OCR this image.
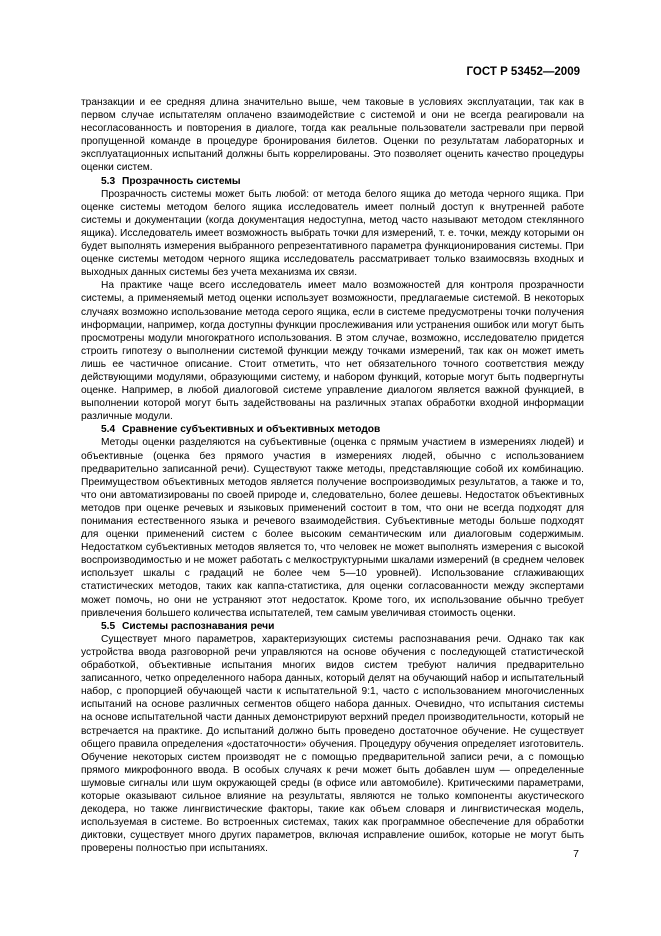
ГОСТ Р 53452—2009

транзакции и ее средняя длина значительно выше, чем таковые в условиях эксплуатации, так как в первом случае испытателям оплачено взаимодействие с системой и они не всегда реагировали на несогласованность и повторения в диалоге, тогда как реальные пользователи застревали при первой пропущенной команде в процедуре бронирования билетов. Оценки по результатам лабораторных и эксплуатационных испытаний должны быть коррелированы. Это позволяет оценить качество процедуры оценки систем.

5.3 Прозрачность системы

Прозрачность системы может быть любой: от метода белого ящика до метода черного ящика. При оценке системы методом белого ящика исследователь имеет полный доступ к внутренней работе системы и документации (когда документация недоступна, метод часто называют методом стеклянного ящика). Исследователь имеет возможность выбрать точки для измерений, т. е. точки, между которыми он будет выполнять измерения выбранного репрезентативного параметра функционирования системы. При оценке системы методом черного ящика исследователь рассматривает только взаимосвязь входных и выходных данных системы без учета механизма их связи.

На практике чаще всего исследователь имеет мало возможностей для контроля прозрачности системы, а применяемый метод оценки использует возможности, предлагаемые системой. В некоторых случаях возможно использование метода серого ящика, если в системе предусмотрены точки получения информации, например, когда доступны функции прослеживания или устранения ошибок или могут быть просмотрены модули многократного использования. В этом случае, возможно, исследователю придется строить гипотезу о выполнении системой функции между точками измерений, так как он может иметь лишь ее частичное описание. Стоит отметить, что нет обязательного точного соответствия между действующими модулями, образующими систему, и набором функций, которые могут быть подвергнуты оценке. Например, в любой диалоговой системе управление диалогом является важной функцией, в выполнении которой могут быть задействованы на различных этапах обработки входной информации различные модули.

5.4 Сравнение субъективных и объективных методов

Методы оценки разделяются на субъективные (оценка с прямым участием в измерениях людей) и объективные (оценка без прямого участия в измерениях людей, обычно с использованием предварительно записанной речи). Существуют также методы, представляющие собой их комбинацию. Преимуществом объективных методов является получение воспроизводимых результатов, а также и то, что они автоматизированы по своей природе и, следовательно, более дешевы. Недостаток объективных методов при оценке речевых и языковых применений состоит в том, что они не всегда подходят для понимания естественного языка и речевого взаимодействия. Субъективные методы больше подходят для оценки применений систем с более высоким семантическим или диалоговым содержимым. Недостатком субъективных методов является то, что человек не может выполнять измерения с высокой воспроизводимостью и не может работать с мелкоструктурными шкалами измерений (в среднем человек использует шкалы с градаций не более чем 5—10 уровней). Использование сглаживающих статистических методов, таких как каппа-статистика, для оценки согласованности между экспертами может помочь, но они не устраняют этот недостаток. Кроме того, их использование обычно требует привлечения большего количества испытателей, тем самым увеличивая стоимость оценки.

5.5 Системы распознавания речи

Существует много параметров, характеризующих системы распознавания речи. Однако так как устройства ввода разговорной речи управляются на основе обучения с последующей статистической обработкой, объективные испытания многих видов систем требуют наличия предварительно записанного, четко определенного набора данных, который делят на обучающий набор и испытательный набор, с пропорцией обучающей части к испытательной 9:1, часто с использованием многочисленных испытаний на основе различных сегментов общего набора данных. Очевидно, что испытания системы на основе испытательной части данных демонстрируют верхний предел производительности, который не встречается на практике. До испытаний должно быть проведено достаточное обучение. Не существует общего правила определения «достаточности» обучения. Процедуру обучения определяет изготовитель. Обучение некоторых систем производят не с помощью предварительной записи речи, а с помощью прямого микрофонного ввода. В особых случаях к речи может быть добавлен шум — определенные шумовые сигналы или шум окружающей среды (в офисе или автомобиле). Критическими параметрами, которые оказывают сильное влияние на результаты, являются не только компоненты акустического декодера, но также лингвистические факторы, такие как объем словаря и лингвистическая модель, используемая в системе. Во встроенных системах, таких как программное обеспечение для обработки диктовки, существует много других параметров, включая исправление ошибок, которые не могут быть проверены полностью при испытаниях.	7
